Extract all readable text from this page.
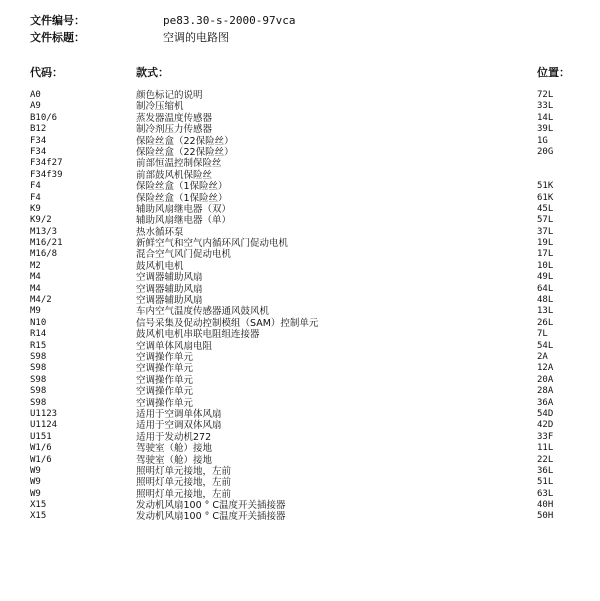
文件编号：	pe83.30-s-2000-97vca
文件标题：	空调的电路图
代码：	款式：	位置：
A0	颜色标记的说明	72L
A9	制冷压缩机	33L
B10/6	蒸发器温度传感器	14L
B12	制冷剂压力传感器	39L
F34	保险丝盒（22保险丝）	1G
F34	保险丝盒（22保险丝）	20G
F34f27	前部恒温控制保险丝
F34f39	前部鼓风机保险丝
F4	保险丝盒（1保险丝）	51K
F4	保险丝盒（1保险丝）	61K
K9	辅助风扇继电器（双）	45L
K9/2	辅助风扇继电器（单）	57L
M13/3	热水循环泵	37L
M16/21	新鲜空气和空气内循环风门促动电机	19L
M16/8	混合空气风门促动电机	17L
M2	鼓风机电机	10L
M4	空调器辅助风扇	49L
M4	空调器辅助风扇	64L
M4/2	空调器辅助风扇	48L
M9	车内空气温度传感器通风鼓风机	13L
N10	信号采集及促动控制模组（SAM）控制单元	26L
R14	鼓风机电机串联电阻组连接器	7L
R15	空调单体风扇电阻	54L
S98	空调操作单元	2A
S98	空调操作单元	12A
S98	空调操作单元	20A
S98	空调操作单元	28A
S98	空调操作单元	36A
U1123	适用于空调单体风扇	54D
U1124	适用于空调双体风扇	42D
U151	适用于发动机272	33F
W1/6	驾驶室（舱）接地	11L
W1/6	驾驶室（舱）接地	22L
W9	照明灯单元接地，左前	36L
W9	照明灯单元接地，左前	51L
W9	照明灯单元接地，左前	63L
X15	发动机风扇100 ° C温度开关插接器	40H
X15	发动机风扇100 ° C温度开关插接器	50H
